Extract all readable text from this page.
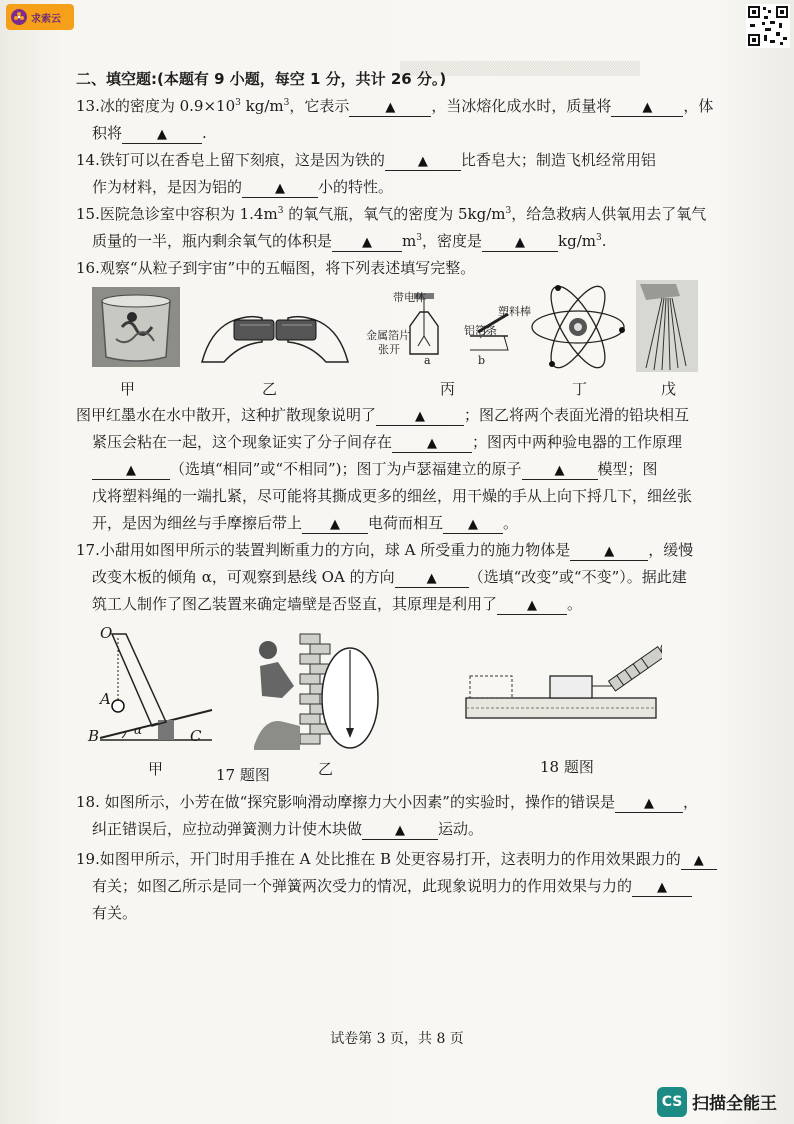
▒▒▒▒▒▒▒▒▒▒▒▒▒▒▒▒▒▒▒▒▒▒▒▒
求索云
二、填空题:(本题有 9 小题，每空 1 分，共计 26 分。)
13.冰的密度为 $0.9\times 10^3$ $kg/m^3$，它表示	▲ ，当冰熔化成水时，质量将 ▲ ，体
积将	▲ .
14.铁钉可以在香皂上留下刻痕，这是因为铁的	▲ 比香皂大；制造飞机经常用铝
作为材料，是因为铝的	▲ 小的特性。
15.医院急诊室中容积为 $1.4m^3$ 的氧气瓶，氧气的密度为 $5kg/m^3$，给急救病人供氧用去了氧气
质量的一半，瓶内剩余氧气的体积是 ▲ $m^3$，密度是	▲ $kg/m^3$.
16.观察“从粒子到宇宙”中的五幅图，将下列表述填写完整。
甲	乙
带电体
金属箔片
张开
塑料棒
铝箔条
a	b
丙	丁	戊
图甲红墨水在水中散开，这种扩散现象说明了	▲	；图乙将两个表面光滑的铅块相互
紧压会粘在一起，这个现象证实了分子间存在	▲ ；图丙中两种验电器的工作原理
▲ （选填“相同”或“不相同”)；图丁为卢瑟福建立的原子	▲ 模型；图
戊将塑料绳的一端扎紧，尽可能将其撕成更多的细丝，用干燥的手从上向下捋几下，细丝张
开，是因为细丝与手摩擦后带上 ▲ 电荷而相互 ▲ 。
17.小甜用如图甲所示的装置判断重力的方向，球 A 所受重力的施力物体是	▲ ，缓慢
改变木板的倾角 α，可观察到悬线 OA 的方向 ▲ （选填“改变”或“不变”）。据此建
筑工人制作了图乙装置来确定墙壁是否竖直，其原理是利用了 ▲ 。
O
A
B	C
α
甲	17 题图	乙	18 题图
18. 如图所示，小芳在做“探究影响滑动摩擦力大小因素”的实验时，操作的错误是 ▲ ，
纠正错误后，应拉动弹簧测力计使木块做	▲ 运动。
19.如图甲所示，开门时用手推在 A 处比推在 B 处更容易打开，这表明力的作用效果跟力的 ▲
有关；如图乙所示是同一个弹簧两次受力的情况，此现象说明力的作用效果与力的 ▲
有关。
试卷第 3 页，共 8 页
CS 扫描全能王
